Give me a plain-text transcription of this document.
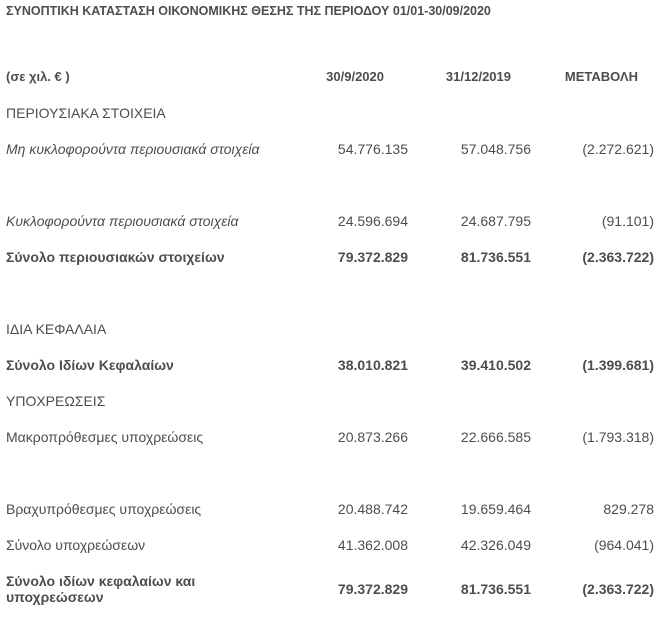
ΣΥΝΟΠΤΙΚΗ ΚΑΤΑΣΤΑΣΗ ΟΙΚΟΝΟΜΙΚΗΣ ΘΕΣΗΣ ΤΗΣ ΠΕΡΙΟΔΟΥ 01/01-30/09/2020
(σε χιλ. € )	30/9/2020	31/12/2019	ΜΕΤΑΒΟΛΗ
ΠΕΡΙΟΥΣΙΑΚΑ ΣΤΟΙΧΕΙΑ
Μη κυκλοφορούντα περιουσιακά στοιχεία	54.776.135	57.048.756	(2.272.621)
Κυκλοφορούντα περιουσιακά στοιχεία	24.596.694	24.687.795	(91.101)
Σύνολο περιουσιακών στοιχείων	79.372.829	81.736.551	(2.363.722)
ΙΔΙΑ ΚΕΦΑΛΑΙΑ
Σύνολο Ιδίων Κεφαλαίων	38.010.821	39.410.502	(1.399.681)
ΥΠΟΧΡΕΩΣΕΙΣ
Μακροπρόθεσμες υποχρεώσεις	20.873.266	22.666.585	(1.793.318)
Βραχυπρόθεσμες υποχρεώσεις	20.488.742	19.659.464	829.278
Σύνολο υποχρεώσεων	41.362.008	42.326.049	(964.041)
Σύνολο ιδίων κεφαλαίων και
υποχρεώσεων	79.372.829	81.736.551	(2.363.722)
